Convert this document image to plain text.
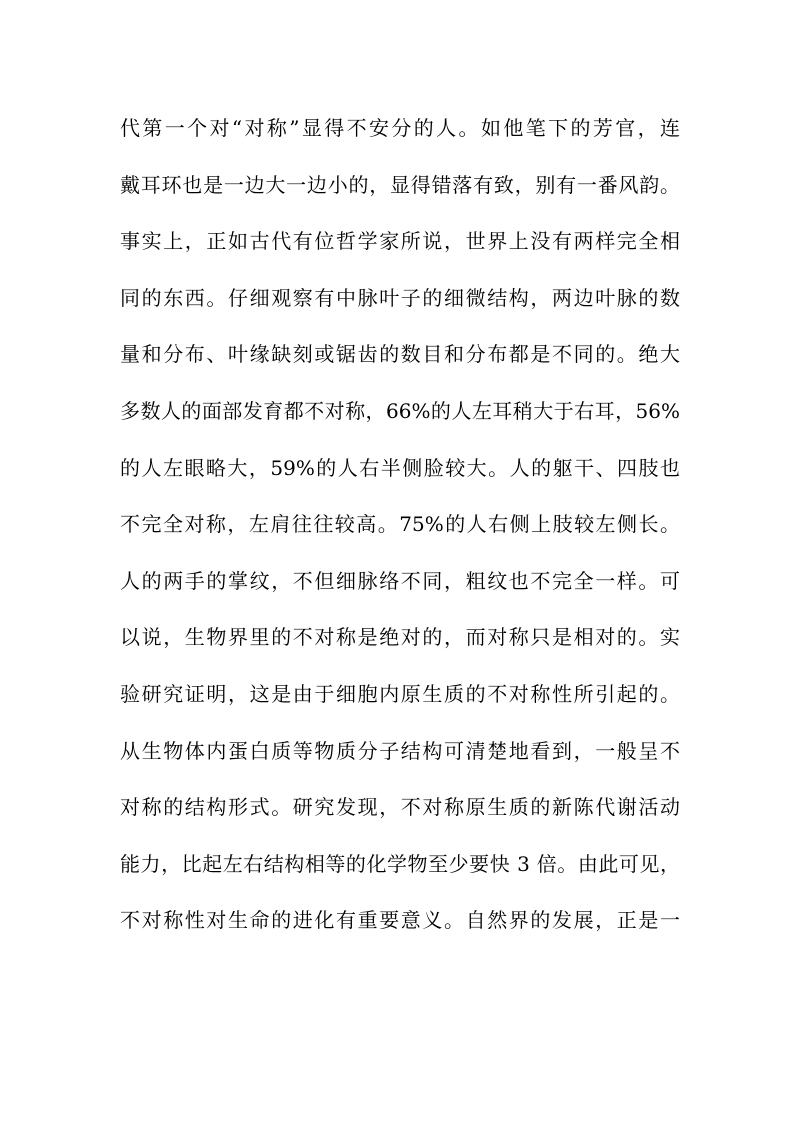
代第一个对“对称”显得不安分的人。如他笔下的芳官，连
戴耳环也是一边大一边小的，显得错落有致，别有一番风韵。
事实上，正如古代有位哲学家所说，世界上没有两样完全相
同的东西。仔细观察有中脉叶子的细微结构，两边叶脉的数
量和分布、叶缘缺刻或锯齿的数目和分布都是不同的。绝大
多数人的面部发育都不对称，66%的人左耳稍大于右耳，56%
的人左眼略大，59%的人右半侧脸较大。人的躯干、四肢也
不完全对称，左肩往往较高。75%的人右侧上肢较左侧长。
人的两手的掌纹，不但细脉络不同，粗纹也不完全一样。可
以说，生物界里的不对称是绝对的，而对称只是相对的。实
验研究证明，这是由于细胞内原生质的不对称性所引起的。
从生物体内蛋白质等物质分子结构可清楚地看到，一般呈不
对称的结构形式。研究发现，不对称原生质的新陈代谢活动
能力，比起左右结构相等的化学物至少要快 3 倍。由此可见，
不对称性对生命的进化有重要意义。自然界的发展，正是一
